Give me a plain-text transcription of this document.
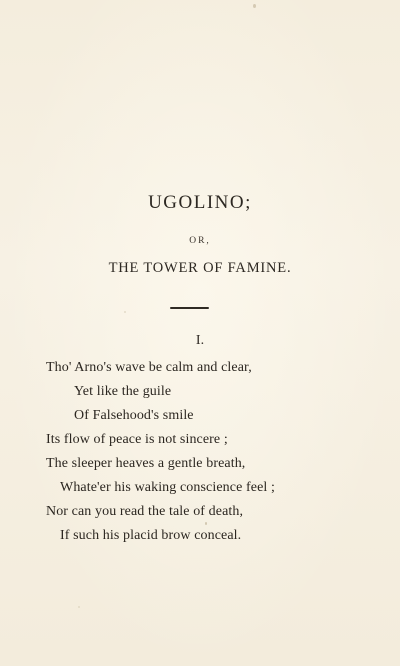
UGOLINO;
OR,
THE TOWER OF FAMINE.
I.
Tho' Arno's wave be calm and clear,
Yet like the guile
Of Falsehood's smile
Its flow of peace is not sincere ;
The sleeper heaves a gentle breath,
Whate'er his waking conscience feel ;
Nor can you read the tale of death,
If such his placid brow conceal.
